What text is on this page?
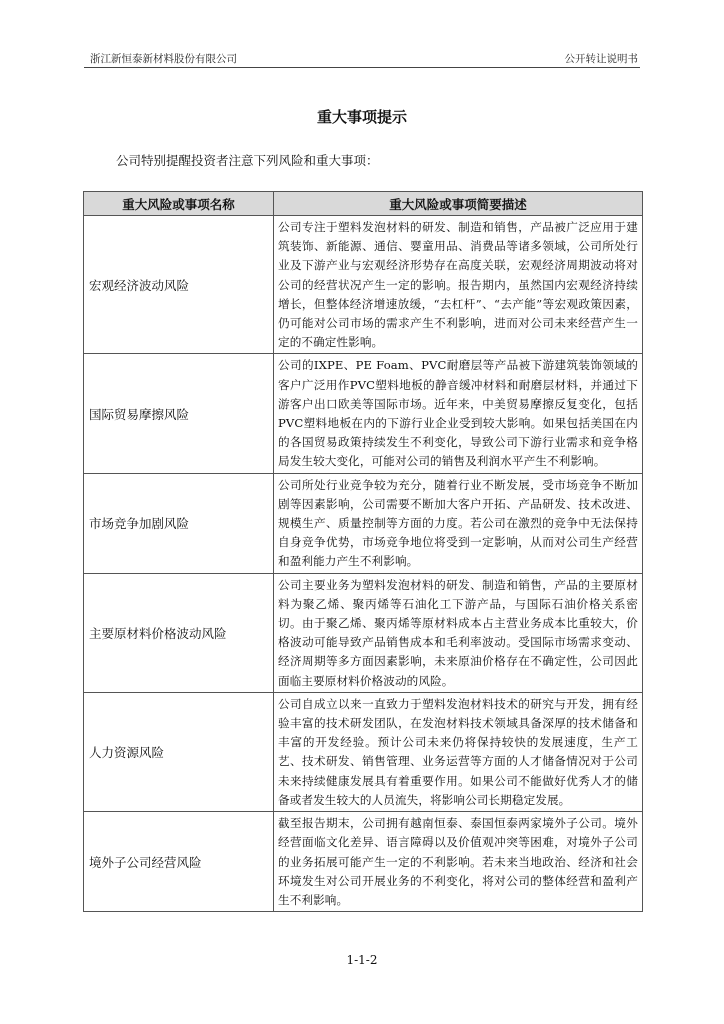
浙江新恒泰新材料股份有限公司	公开转让说明书
重大事项提示
公司特别提醒投资者注意下列风险和重大事项：
重大风险或事项名称	重大风险或事项简要描述
宏观经济波动风险	公司专注于塑料发泡材料的研发、制造和销售，产品被广泛应用于建筑装饰、新能源、通信、婴童用品、消费品等诸多领域，公司所处行业及下游产业与宏观经济形势存在高度关联，宏观经济周期波动将对公司的经营状况产生一定的影响。报告期内，虽然国内宏观经济持续增长，但整体经济增速放缓，“去杠杆”、“去产能”等宏观政策因素，仍可能对公司市场的需求产生不利影响，进而对公司未来经营产生一定的不确定性影响。
国际贸易摩擦风险	公司的IXPE、PE Foam、PVC耐磨层等产品被下游建筑装饰领域的客户广泛用作PVC塑料地板的静音缓冲材料和耐磨层材料，并通过下游客户出口欧美等国际市场。近年来，中美贸易摩擦反复变化，包括PVC塑料地板在内的下游行业企业受到较大影响。如果包括美国在内的各国贸易政策持续发生不利变化，导致公司下游行业需求和竞争格局发生较大变化，可能对公司的销售及利润水平产生不利影响。
市场竞争加剧风险	公司所处行业竞争较为充分，随着行业不断发展，受市场竞争不断加剧等因素影响，公司需要不断加大客户开拓、产品研发、技术改进、规模生产、质量控制等方面的力度。若公司在激烈的竞争中无法保持自身竞争优势，市场竞争地位将受到一定影响，从而对公司生产经营和盈利能力产生不利影响。
主要原材料价格波动风险	公司主要业务为塑料发泡材料的研发、制造和销售，产品的主要原材料为聚乙烯、聚丙烯等石油化工下游产品，与国际石油价格关系密切。由于聚乙烯、聚丙烯等原材料成本占主营业务成本比重较大，价格波动可能导致产品销售成本和毛利率波动。受国际市场需求变动、经济周期等多方面因素影响，未来原油价格存在不确定性，公司因此面临主要原材料价格波动的风险。
人力资源风险	公司自成立以来一直致力于塑料发泡材料技术的研究与开发，拥有经验丰富的技术研发团队，在发泡材料技术领域具备深厚的技术储备和丰富的开发经验。预计公司未来仍将保持较快的发展速度，生产工艺、技术研发、销售管理、业务运营等方面的人才储备情况对于公司未来持续健康发展具有着重要作用。如果公司不能做好优秀人才的储备或者发生较大的人员流失，将影响公司长期稳定发展。
境外子公司经营风险	截至报告期末，公司拥有越南恒泰、泰国恒泰两家境外子公司。境外经营面临文化差异、语言障碍以及价值观冲突等困难，对境外子公司的业务拓展可能产生一定的不利影响。若未来当地政治、经济和社会环境发生对公司开展业务的不利变化，将对公司的整体经营和盈利产生不利影响。
1-1-2
